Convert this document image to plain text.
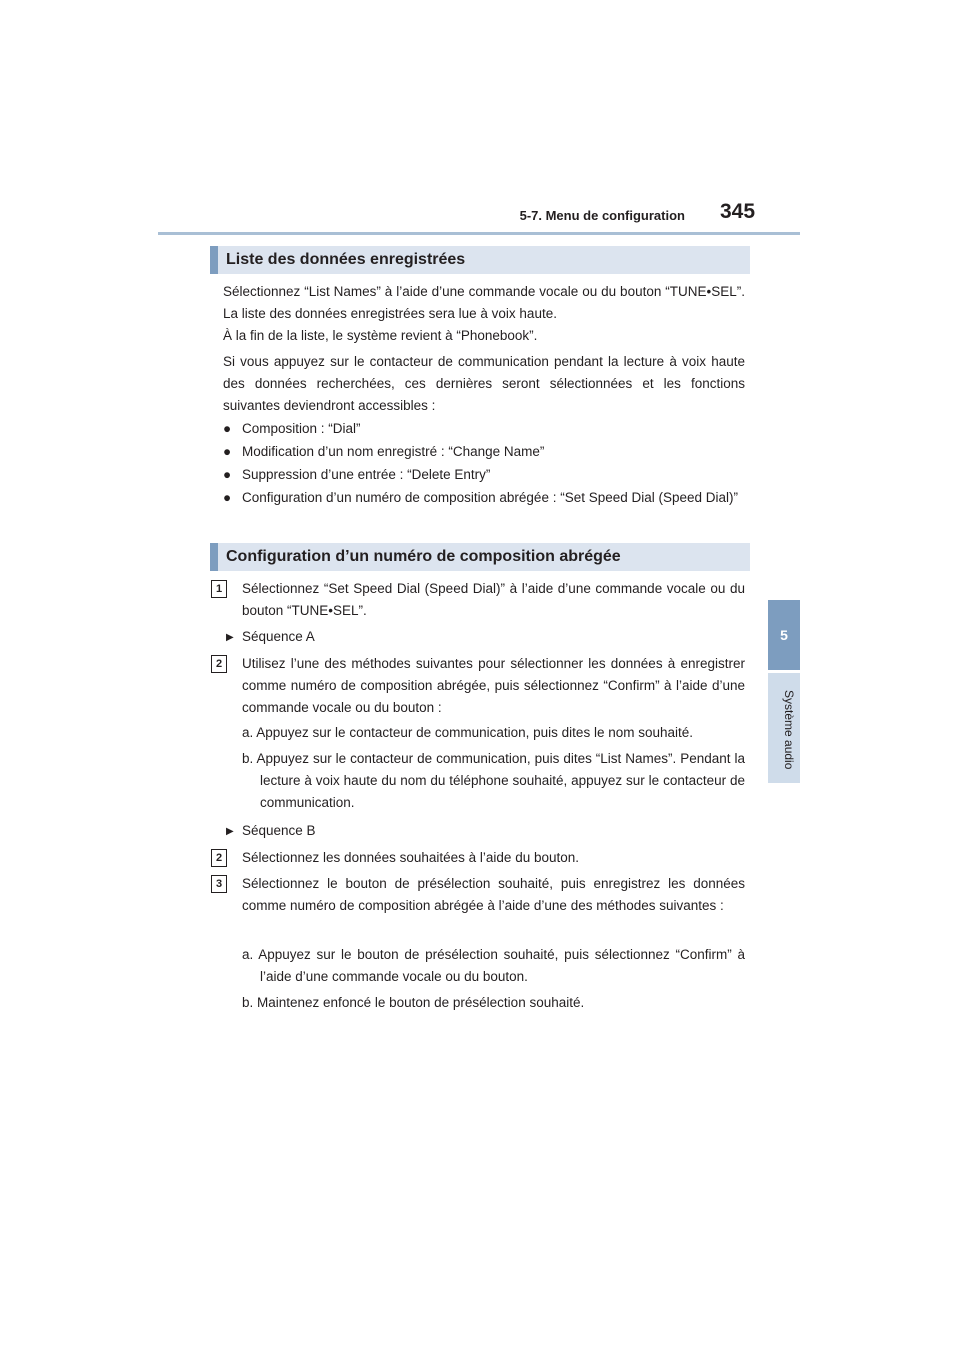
5-7. Menu de configuration 345
5
Système audio
Liste des données enregistrées
Sélectionnez “List Names” à l’aide d’une commande vocale ou du bouton “TUNE•SEL”. La liste des données enregistrées sera lue à voix haute.
À la fin de la liste, le système revient à “Phonebook”.
Si vous appuyez sur le contacteur de communication pendant la lecture à voix haute des données recherchées, ces dernières seront sélectionnées et les fonctions suivantes deviendront accessibles :
● Composition : “Dial”
● Modification d’un nom enregistré : “Change Name”
● Suppression d’une entrée : “Delete Entry”
● Configuration d’un numéro de composition abrégée : “Set Speed Dial (Speed Dial)”
Configuration d’un numéro de composition abrégée
1	Sélectionnez “Set Speed Dial (Speed Dial)” à l’aide d’une commande vocale ou du bouton “TUNE•SEL”.
▶ Séquence A
2	Utilisez l’une des méthodes suivantes pour sélectionner les données à enregistrer comme numéro de composition abrégée, puis sélectionnez “Confirm” à l’aide d’une commande vocale ou du bouton :
a. Appuyez sur le contacteur de communication, puis dites le nom souhaité.
b. Appuyez sur le contacteur de communication, puis dites “List Names”. Pendant la lecture à voix haute du nom du téléphone souhaité, appuyez sur le contacteur de communication.
▶ Séquence B
2	Sélectionnez les données souhaitées à l’aide du bouton.
3	Sélectionnez le bouton de présélection souhaité, puis enregistrez les données comme numéro de composition abrégée à l’aide d’une des méthodes suivantes :
a. Appuyez sur le bouton de présélection souhaité, puis sélectionnez “Confirm” à l’aide d’une commande vocale ou du bouton.
b. Maintenez enfoncé le bouton de présélection souhaité.
